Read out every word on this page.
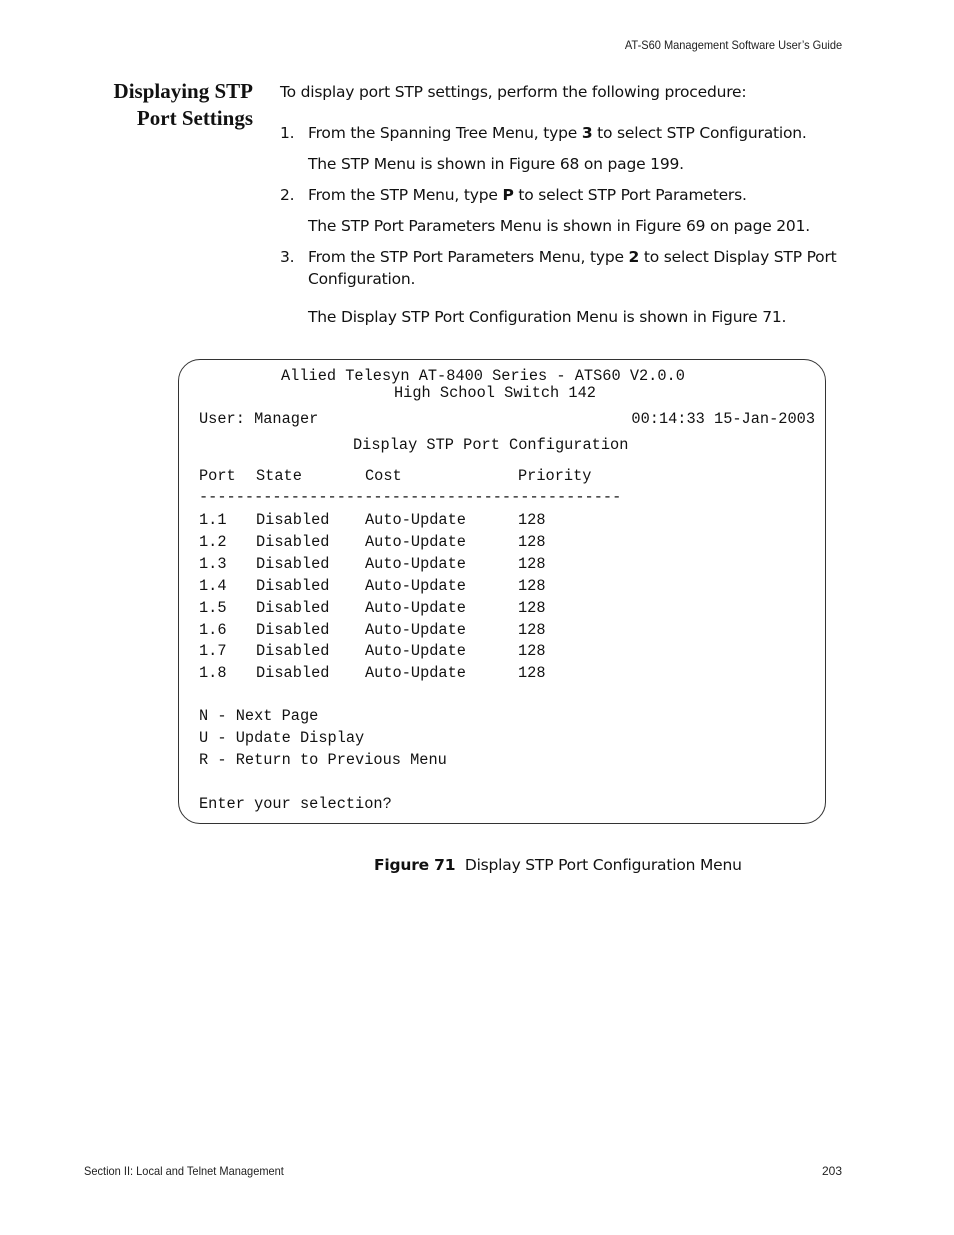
AT-S60 Management Software User’s Guide
Displaying STP
Port Settings
To display port STP settings, perform the following procedure:
1. From the Spanning Tree Menu, type 3 to select STP Configuration.
The STP Menu is shown in Figure 68 on page 199.
2. From the STP Menu, type P to select STP Port Parameters.
The STP Port Parameters Menu is shown in Figure 69 on page 201.
3. From the STP Port Parameters Menu, type 2 to select Display STP Port Configuration.
The Display STP Port Configuration Menu is shown in Figure 71.
Allied Telesyn AT-8400 Series - ATS60 V2.0.0
High School Switch 142
User: Manager	00:14:33 15-Jan-2003
Display STP Port Configuration
Port State	Cost	Priority
----------------------------------------------
1.1 Disabled Auto-Update	128
1.2 Disabled Auto-Update	128
1.3 Disabled Auto-Update	128
1.4 Disabled Auto-Update	128
1.5 Disabled Auto-Update	128
1.6 Disabled Auto-Update	128
1.7 Disabled Auto-Update	128
1.8 Disabled Auto-Update	128
N - Next Page
U - Update Display
R - Return to Previous Menu
Enter your selection?
Figure 71 Display STP Port Configuration Menu
Section II: Local and Telnet Management	203
